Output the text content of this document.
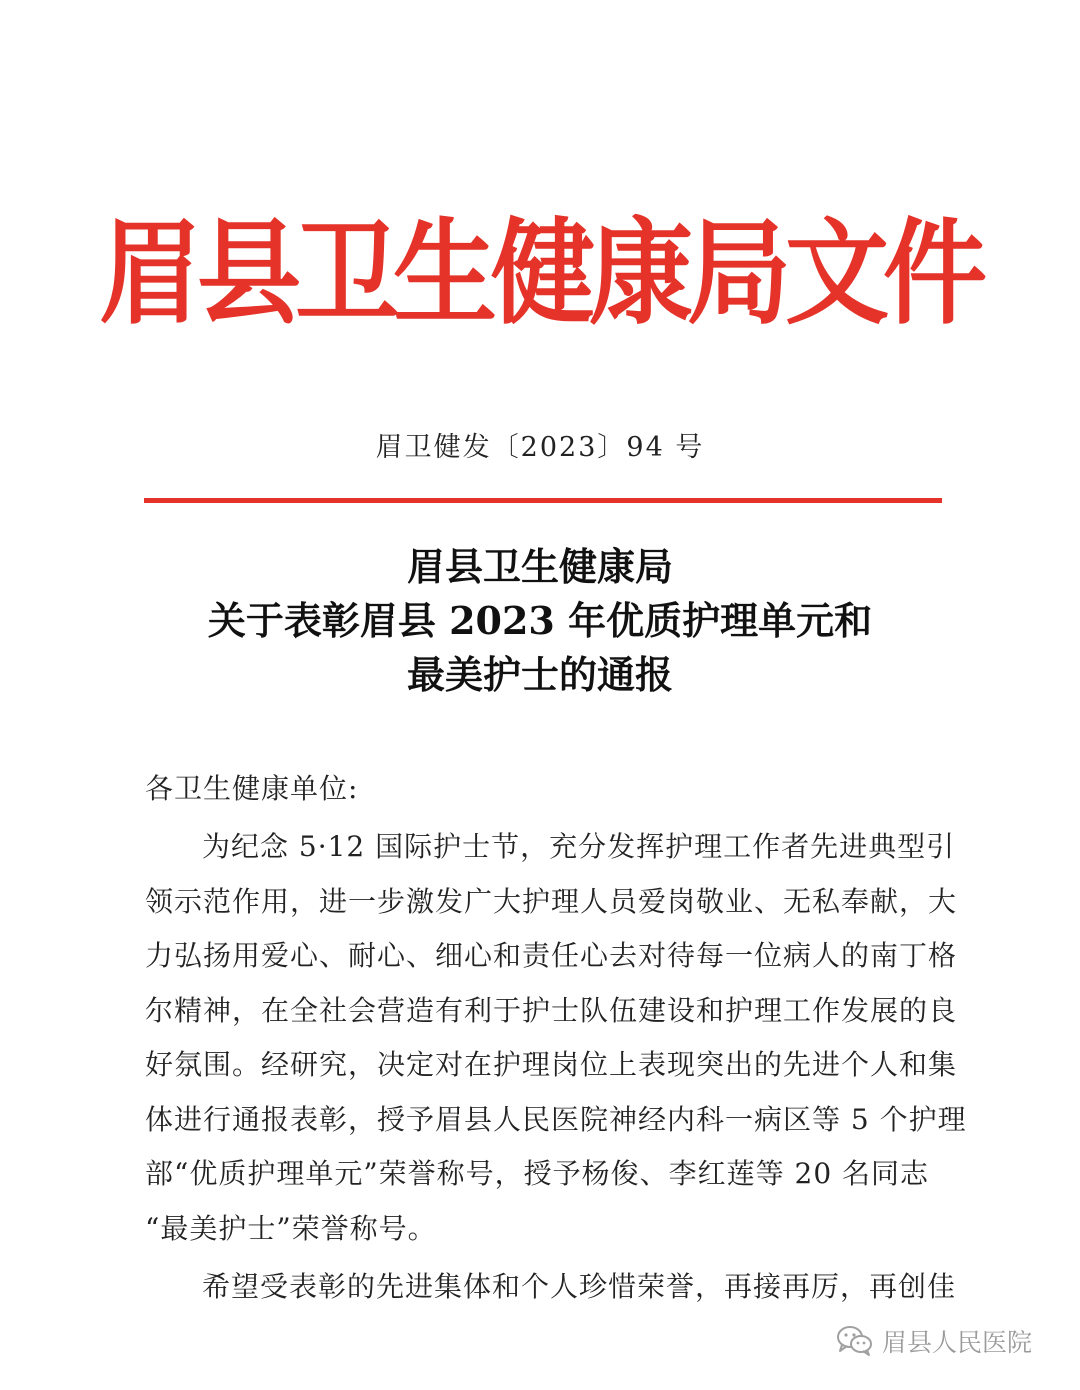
眉县卫生健康局文件
眉卫健发〔2023〕94 号
眉县卫生健康局
关于表彰眉县 2023 年优质护理单元和
最美护士的通报
各卫生健康单位:
为纪念 5·12 国际护士节，充分发挥护理工作者先进典型引
领示范作用，进一步激发广大护理人员爱岗敬业、无私奉献，大
力弘扬用爱心、耐心、细心和责任心去对待每一位病人的南丁格
尔精神，在全社会营造有利于护士队伍建设和护理工作发展的良
好氛围。经研究，决定对在护理岗位上表现突出的先进个人和集
体进行通报表彰，授予眉县人民医院神经内科一病区等 5 个护理
部“优质护理单元”荣誉称号，授予杨俊、李红莲等 20 名同志
“最美护士”荣誉称号。
希望受表彰的先进集体和个人珍惜荣誉，再接再厉，再创佳
眉县人民医院
